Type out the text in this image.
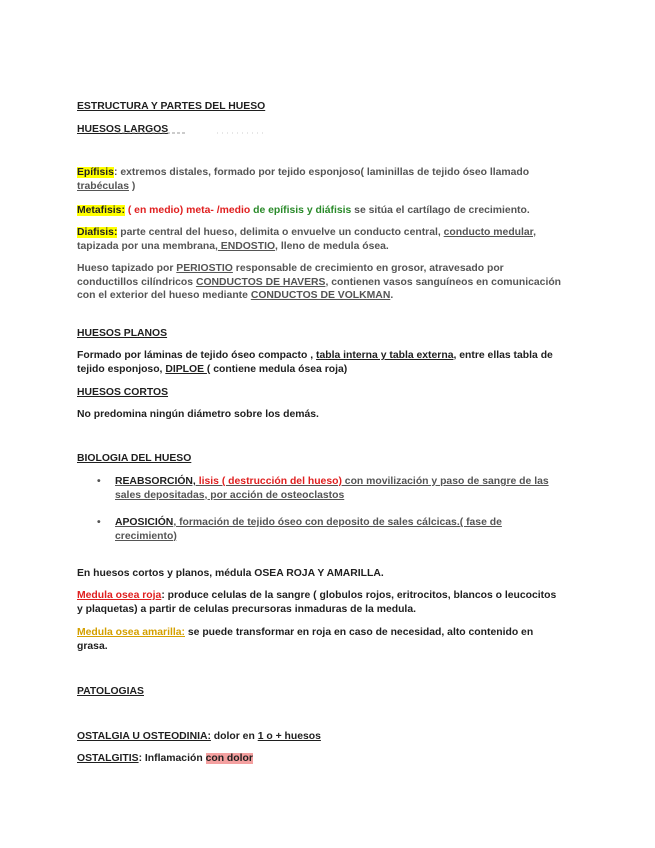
ESTRUCTURA Y PARTES DEL HUESO
HUESOS LARGOS
Epífisis: extremos distales, formado por tejido esponjoso( laminillas de tejido óseo llamado
trabéculas )
Metafisis: ( en medio) meta- /medio de epífisis y diáfisis se sitúa el cartílago de crecimiento.
Diafisis: parte central del hueso, delimita o envuelve un conducto central, conducto medular,
tapizada por una membrana, ENDOSTIO, lleno de medula ósea.
Hueso tapizado por PERIOSTIO responsable de crecimiento en grosor, atravesado por
conductillos cilíndricos CONDUCTOS DE HAVERS, contienen vasos sanguíneos en comunicación
con el exterior del hueso mediante CONDUCTOS DE VOLKMAN.
HUESOS PLANOS
Formado por láminas de tejido óseo compacto , tabla interna y tabla externa, entre ellas tabla de
tejido esponjoso, DIPLOE ( contiene medula ósea roja)
HUESOS CORTOS
No predomina ningún diámetro sobre los demás.
BIOLOGIA DEL HUESO
• REABSORCIÓN, lisis ( destrucción del hueso) con movilización y paso de sangre de las
sales depositadas, por acción de osteoclastos
• APOSICIÓN, formación de tejido óseo con deposito de sales cálcicas.( fase de
crecimiento)
En huesos cortos y planos, médula OSEA ROJA Y AMARILLA.
Medula osea roja: produce celulas de la sangre ( globulos rojos, eritrocitos, blancos o leucocitos
y plaquetas) a partir de celulas precursoras inmaduras de la medula.
Medula osea amarilla: se puede transformar en roja en caso de necesidad, alto contenido en
grasa.
PATOLOGIAS
OSTALGIA U OSTEODINIA: dolor en 1 o + huesos
OSTALGITIS: Inflamación con dolor
